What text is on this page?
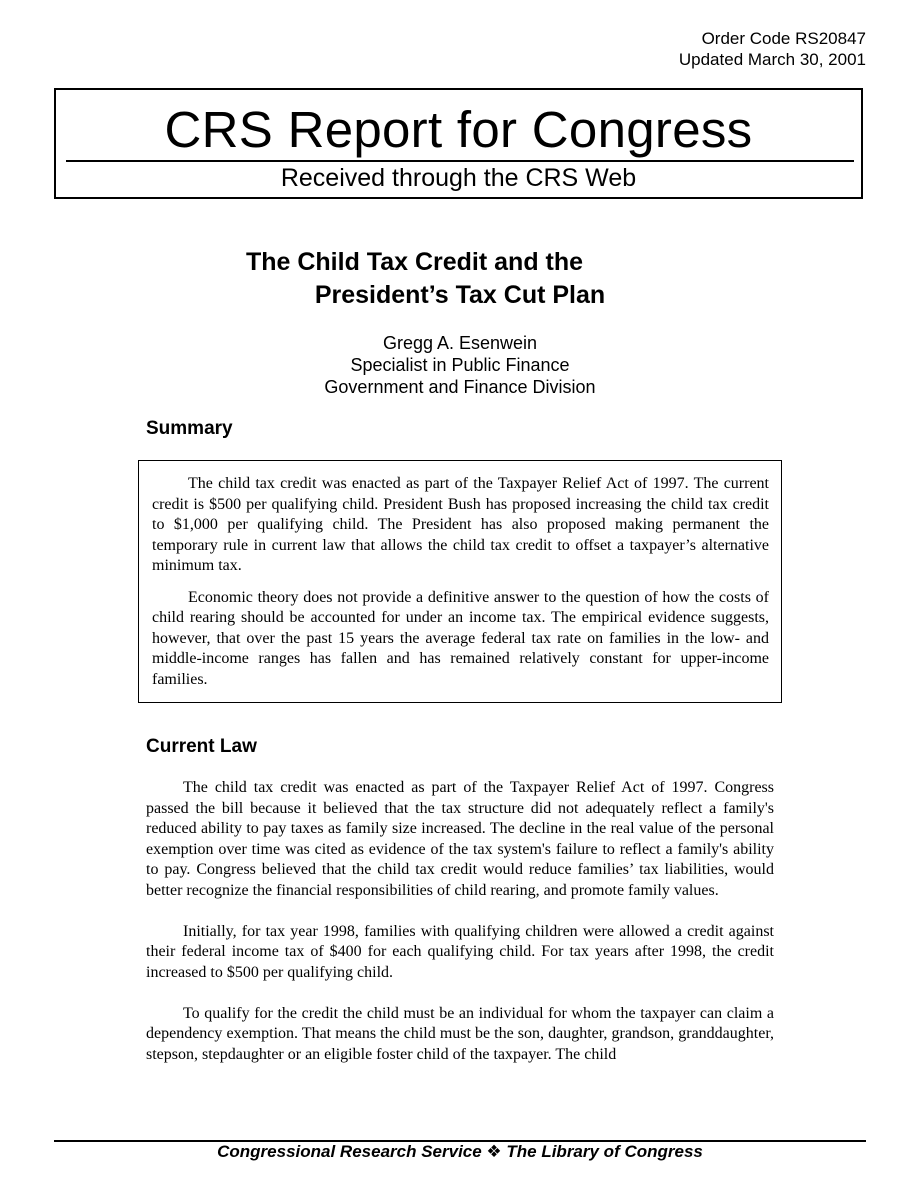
Order Code RS20847
Updated March 30, 2001
CRS Report for Congress
Received through the CRS Web
The Child Tax Credit and the
President’s Tax Cut Plan
Gregg A. Esenwein
Specialist in Public Finance
Government and Finance Division
Summary

The child tax credit was enacted as part of the Taxpayer Relief Act of 1997. The current credit is $500 per qualifying child. President Bush has proposed increasing the child tax credit to $1,000 per qualifying child. The President has also proposed making permanent the temporary rule in current law that allows the child tax credit to offset a taxpayer’s alternative minimum tax.

Economic theory does not provide a definitive answer to the question of how the costs of child rearing should be accounted for under an income tax. The empirical evidence suggests, however, that over the past 15 years the average federal tax rate on families in the low- and middle-income ranges has fallen and has remained relatively constant for upper-income families.

Current Law

The child tax credit was enacted as part of the Taxpayer Relief Act of 1997. Congress passed the bill because it believed that the tax structure did not adequately reflect a family's reduced ability to pay taxes as family size increased. The decline in the real value of the personal exemption over time was cited as evidence of the tax system's failure to reflect a family's ability to pay. Congress believed that the child tax credit would reduce families’ tax liabilities, would better recognize the financial responsibilities of child rearing, and promote family values.

Initially, for tax year 1998, families with qualifying children were allowed a credit against their federal income tax of $400 for each qualifying child. For tax years after 1998, the credit increased to $500 per qualifying child.

To qualify for the credit the child must be an individual for whom the taxpayer can claim a dependency exemption. That means the child must be the son, daughter, grandson, granddaughter, stepson, stepdaughter or an eligible foster child of the taxpayer. The child

Congressional Research Service ❖ The Library of Congress
